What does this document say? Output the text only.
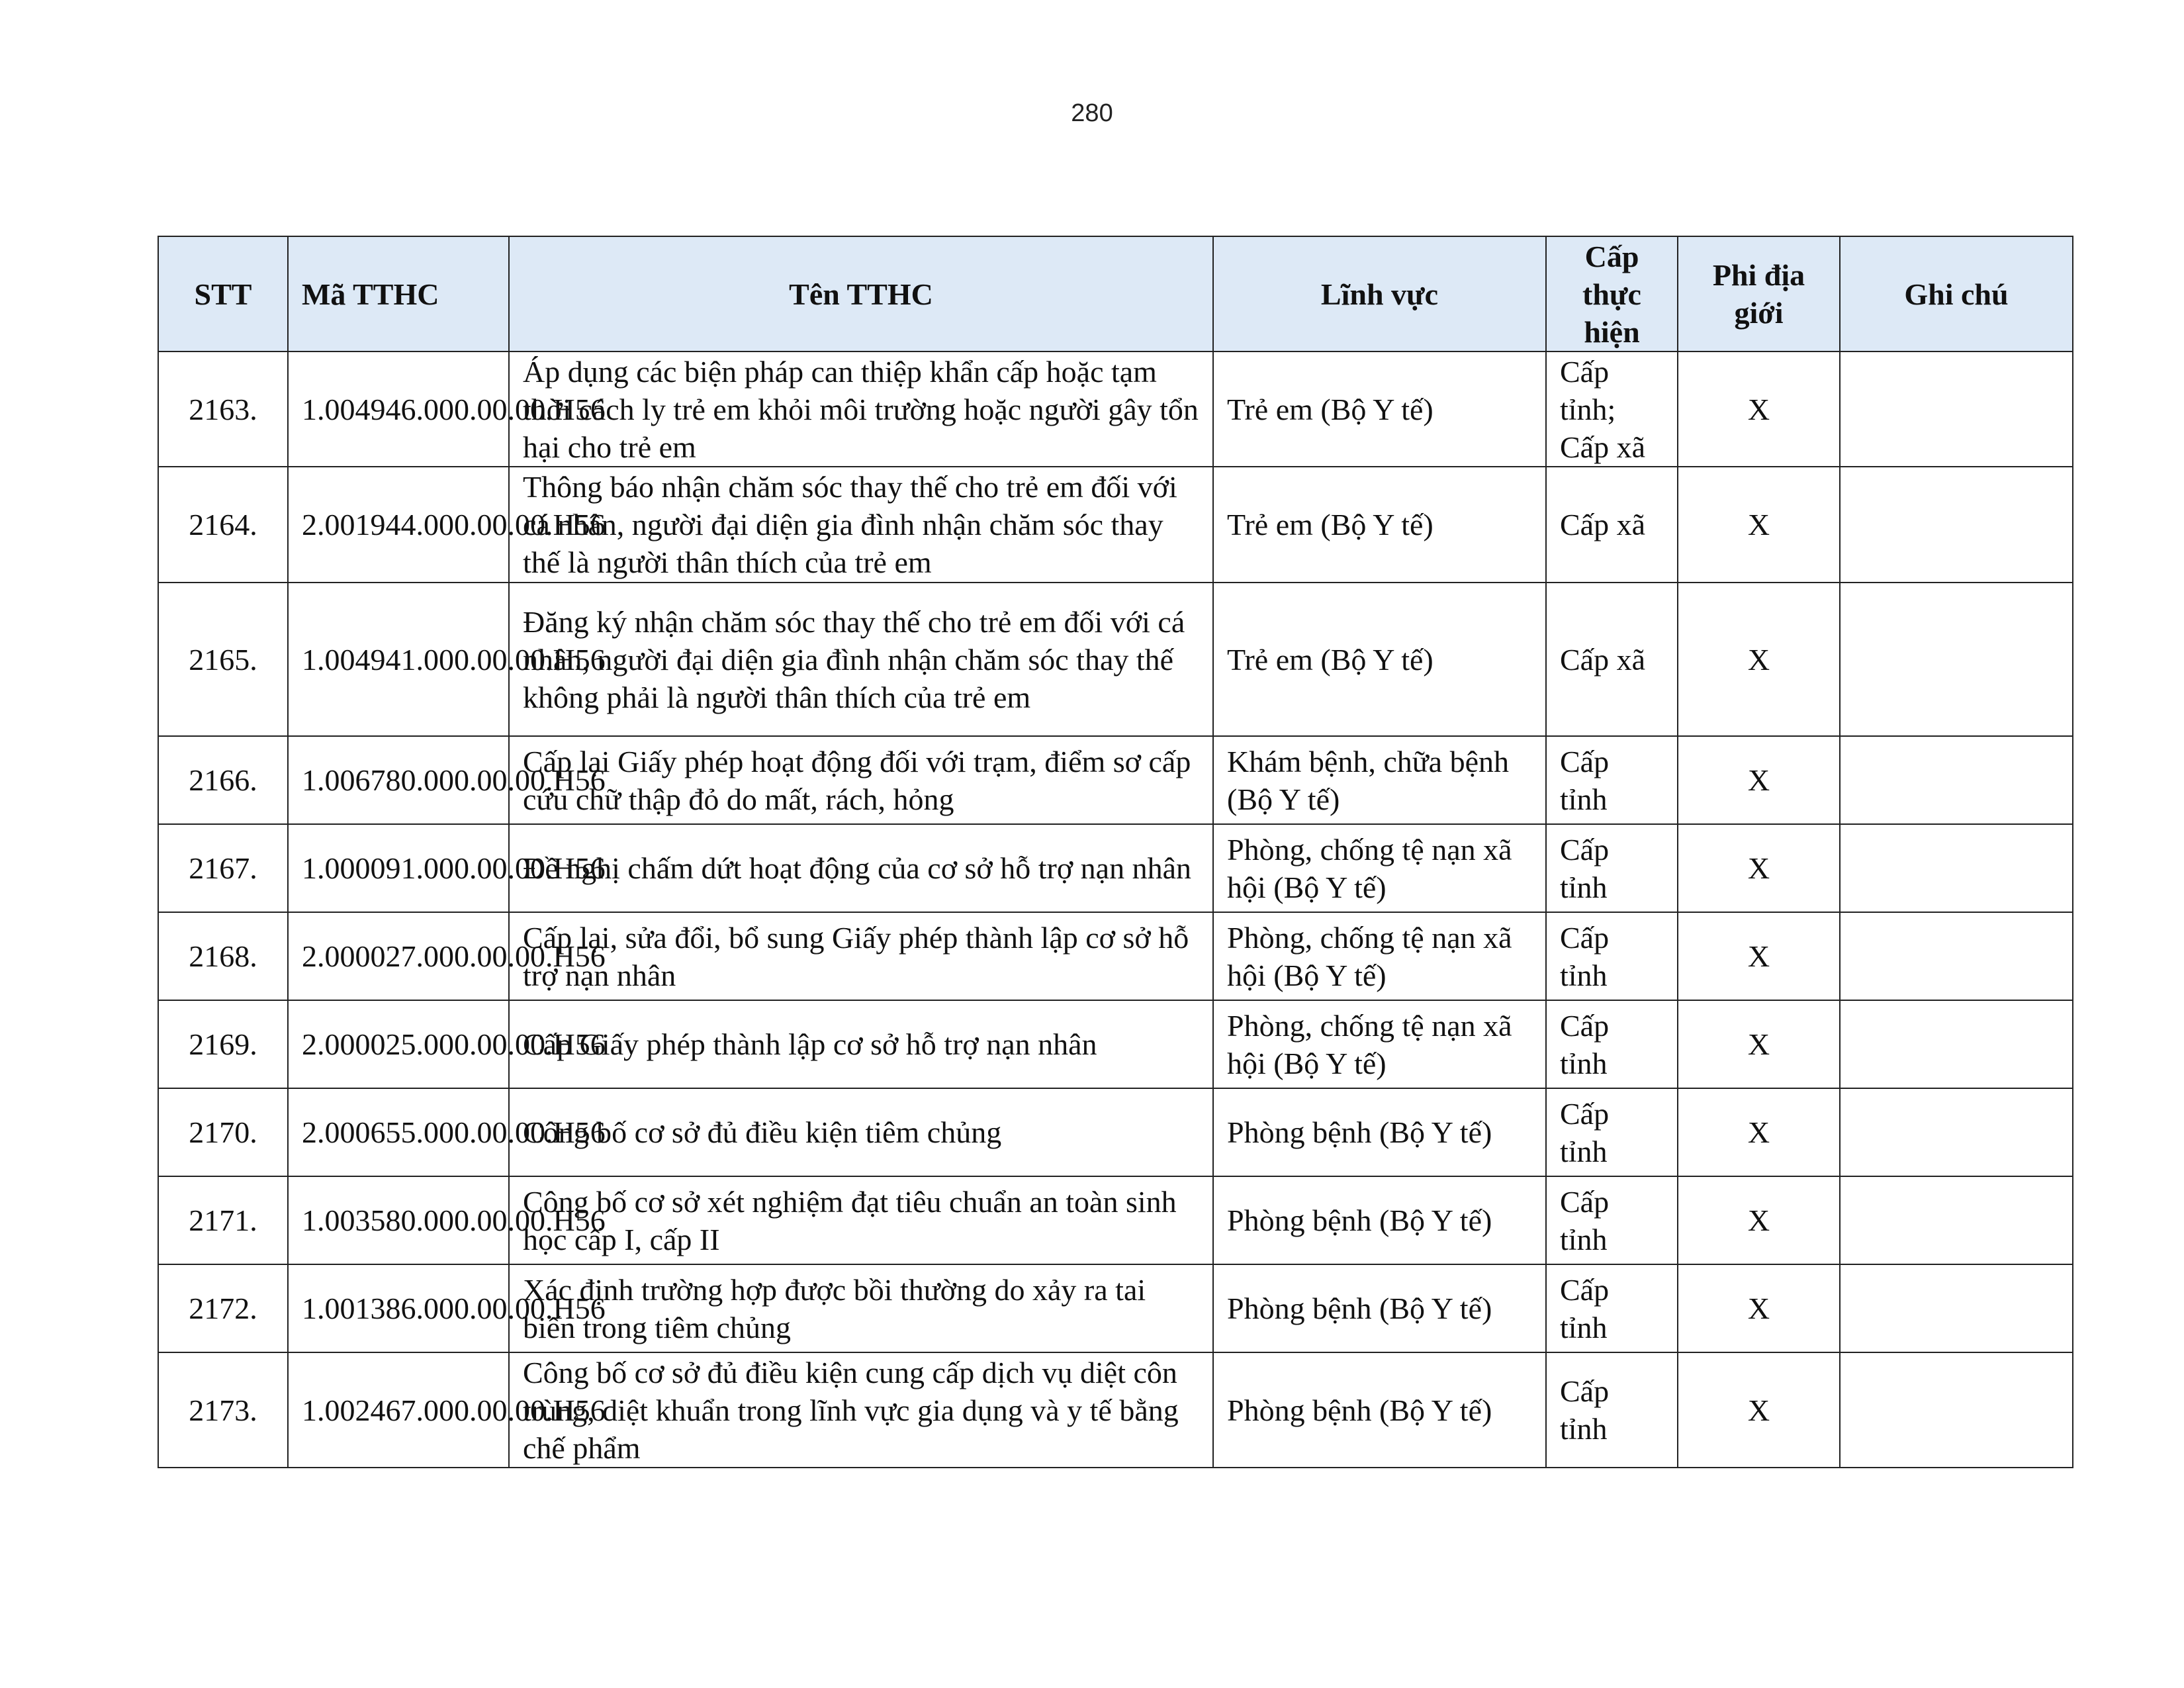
280
STT	Mã TTHC	Tên TTHC	Lĩnh vực	Cấp thực hiện	Phi địa giới	Ghi chú
2163.	1.004946.000.00.00.H56	Áp dụng các biện pháp can thiệp khẩn cấp hoặc tạm thời cách ly trẻ em khỏi môi trường hoặc người gây tổn hại cho trẻ em	Trẻ em (Bộ Y tế)	Cấp tỉnh; Cấp xã	X	
2164.	2.001944.000.00.00.H56	Thông báo nhận chăm sóc thay thế cho trẻ em đối với cá nhân, người đại diện gia đình nhận chăm sóc thay thế là người thân thích của trẻ em	Trẻ em (Bộ Y tế)	Cấp xã	X	
2165.	1.004941.000.00.00.H56	Đăng ký nhận chăm sóc thay thế cho trẻ em đối với cá nhân, người đại diện gia đình nhận chăm sóc thay thế không phải là người thân thích của trẻ em	Trẻ em (Bộ Y tế)	Cấp xã	X	
2166.	1.006780.000.00.00.H56	Cấp lại Giấy phép hoạt động đối với trạm, điểm sơ cấp cứu chữ thập đỏ do mất, rách, hỏng	Khám bệnh, chữa bệnh (Bộ Y tế)	Cấp tỉnh	X	
2167.	1.000091.000.00.00.H56	Đề nghị chấm dứt hoạt động của cơ sở hỗ trợ nạn nhân	Phòng, chống tệ nạn xã hội (Bộ Y tế)	Cấp tỉnh	X	
2168.	2.000027.000.00.00.H56	Cấp lại, sửa đổi, bổ sung Giấy phép thành lập cơ sở hỗ trợ nạn nhân	Phòng, chống tệ nạn xã hội (Bộ Y tế)	Cấp tỉnh	X	
2169.	2.000025.000.00.00.H56	Cấp Giấy phép thành lập cơ sở hỗ trợ nạn nhân	Phòng, chống tệ nạn xã hội (Bộ Y tế)	Cấp tỉnh	X	
2170.	2.000655.000.00.00.H56	Công bố cơ sở đủ điều kiện tiêm chủng	Phòng bệnh (Bộ Y tế)	Cấp tỉnh	X	
2171.	1.003580.000.00.00.H56	Công bố cơ sở xét nghiệm đạt tiêu chuẩn an toàn sinh học cấp I, cấp II	Phòng bệnh (Bộ Y tế)	Cấp tỉnh	X	
2172.	1.001386.000.00.00.H56	Xác định trường hợp được bồi thường do xảy ra tai biến trong tiêm chủng	Phòng bệnh (Bộ Y tế)	Cấp tỉnh	X	
2173.	1.002467.000.00.00.H56	Công bố cơ sở đủ điều kiện cung cấp dịch vụ diệt côn trùng, diệt khuẩn trong lĩnh vực gia dụng và y tế bằng chế phẩm	Phòng bệnh (Bộ Y tế)	Cấp tỉnh	X	
